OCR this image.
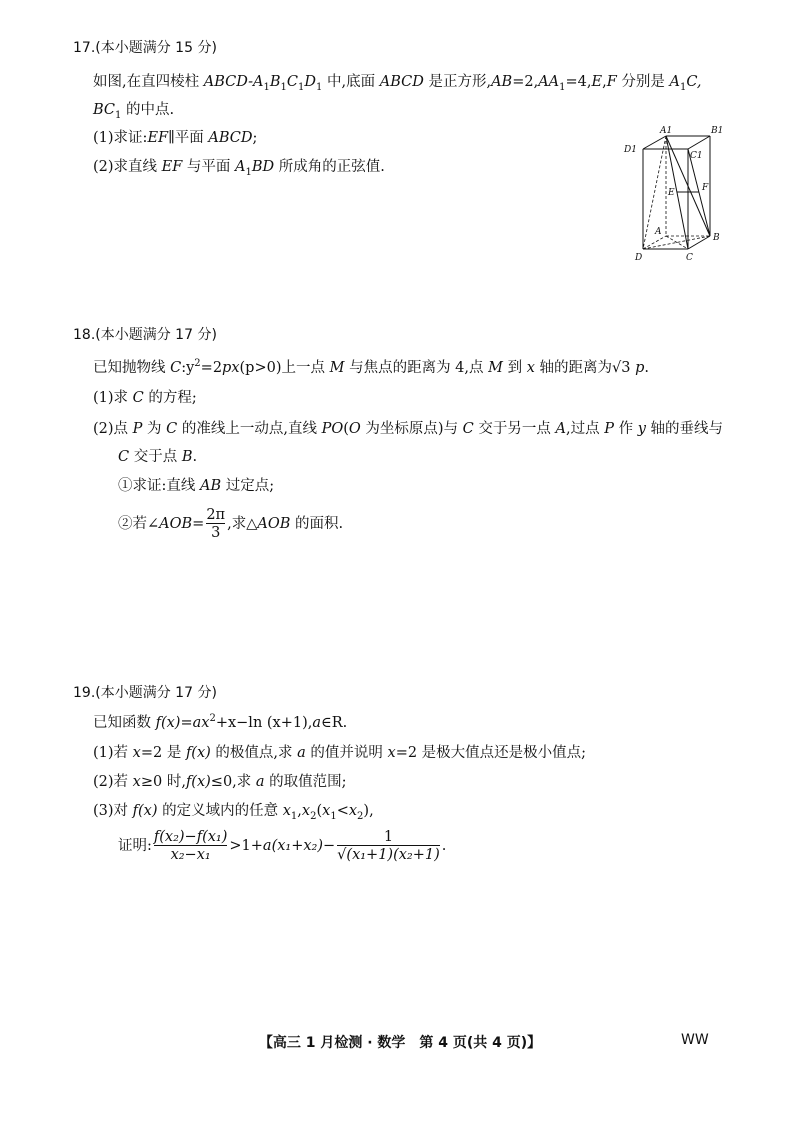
17.(本小题满分 15 分)
如图,在直四棱柱 ABCD-$A_1B_1C_1D_1$ 中,底面 ABCD 是正方形$,AB=2,AA_1=4,E,F$ 分别是 $A_1C$,
$BC_1$ 的中点.
(1)求证:EF∥平面 ABCD;
(2)求直线 EF 与平面 $A_1BD$ 所成角的正弦值.
A1	B1
D1
C1
E	F
A
B
D	C
18.(本小题满分 17 分)
已知抛物线 $C:y^2=2px(p>0)$上一点 M 与焦点的距离为 4,点 M 到 x 轴的距离为√3 p.
(1)求 C 的方程;
(2)点 P 为 C 的准线上一动点,直线 PO(O 为坐标原点)与 C 交于另一点 A,过点 P 作 y 轴的垂线与
C 交于点 B.
①求证:直线 AB 过定点;
②若∠AOB= $\frac{2\pi}{3}$ ,求△AOB 的面积.
19.(本小题满分 17 分)
已知函数 $f(x)=ax^2+x-\ln$ (x+1),a∈R.
(1)若 x=2 是 f(x) 的极值点,求 a 的值并说明 x=2 是极大值点还是极小值点;
(2)若 x≥0 时,f(x)≤0,求 a 的取值范围;
(3)对 f(x) 的定义域内的任意 $x_1,x_2(x_1<x_2)$,
证明: $\frac{\text{f(x₂)−f(x₁)}}{\text{x₂−x₁}} >1+a(x_1+x_2)- \frac{1}{\text{√(x₁+1)(x₂+1)}}$ .
【高三 1 月检测 · 数学　第 4 页(共 4 页)】	WW
